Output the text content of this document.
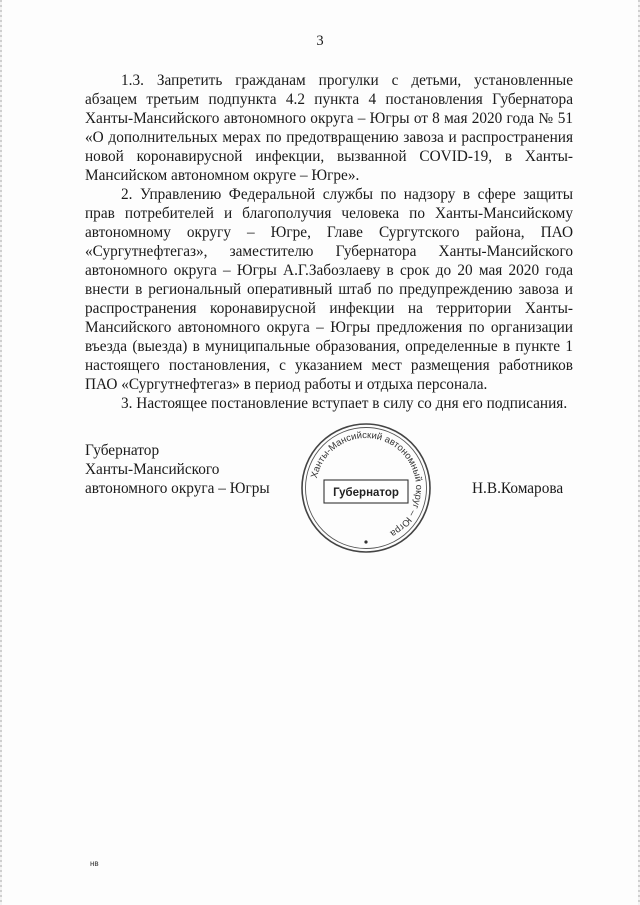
3

1.3. Запретить гражданам прогулки с детьми, установленные абзацем третьим подпункта 4.2 пункта 4 постановления Губернатора Ханты-Мансийского автономного округа – Югры от 8 мая 2020 года № 51 «О дополнительных мерах по предотвращению завоза и распространения новой коронавирусной инфекции, вызванной COVID-19, в Ханты-Мансийском автономном округе – Югре».

2. Управлению Федеральной службы по надзору в сфере защиты прав потребителей и благополучия человека по Ханты-Мансийскому автономному округу – Югре, Главе Сургутского района, ПАО «Сургутнефтегаз», заместителю Губернатора Ханты-Мансийского автономного округа – Югры А.Г.Забозлаеву в срок до 20 мая 2020 года внести в региональный оперативный штаб по предупреждению завоза и распространения коронавирусной инфекции на территории Ханты-Мансийского автономного округа – Югры предложения по организации въезда (выезда) в муниципальные образования, определенные в пункте 1 настоящего постановления, с указанием мест размещения работников ПАО «Сургутнефтегаз» в период работы и отдыха персонала.

3. Настоящее постановление вступает в силу со дня его подписания.

Губернатор
Ханты-Мансийского
автономного округа – Югры
Ханты-Мансийский автономный округ – Югра
Губернатор	Н.В.Комарова
нв
